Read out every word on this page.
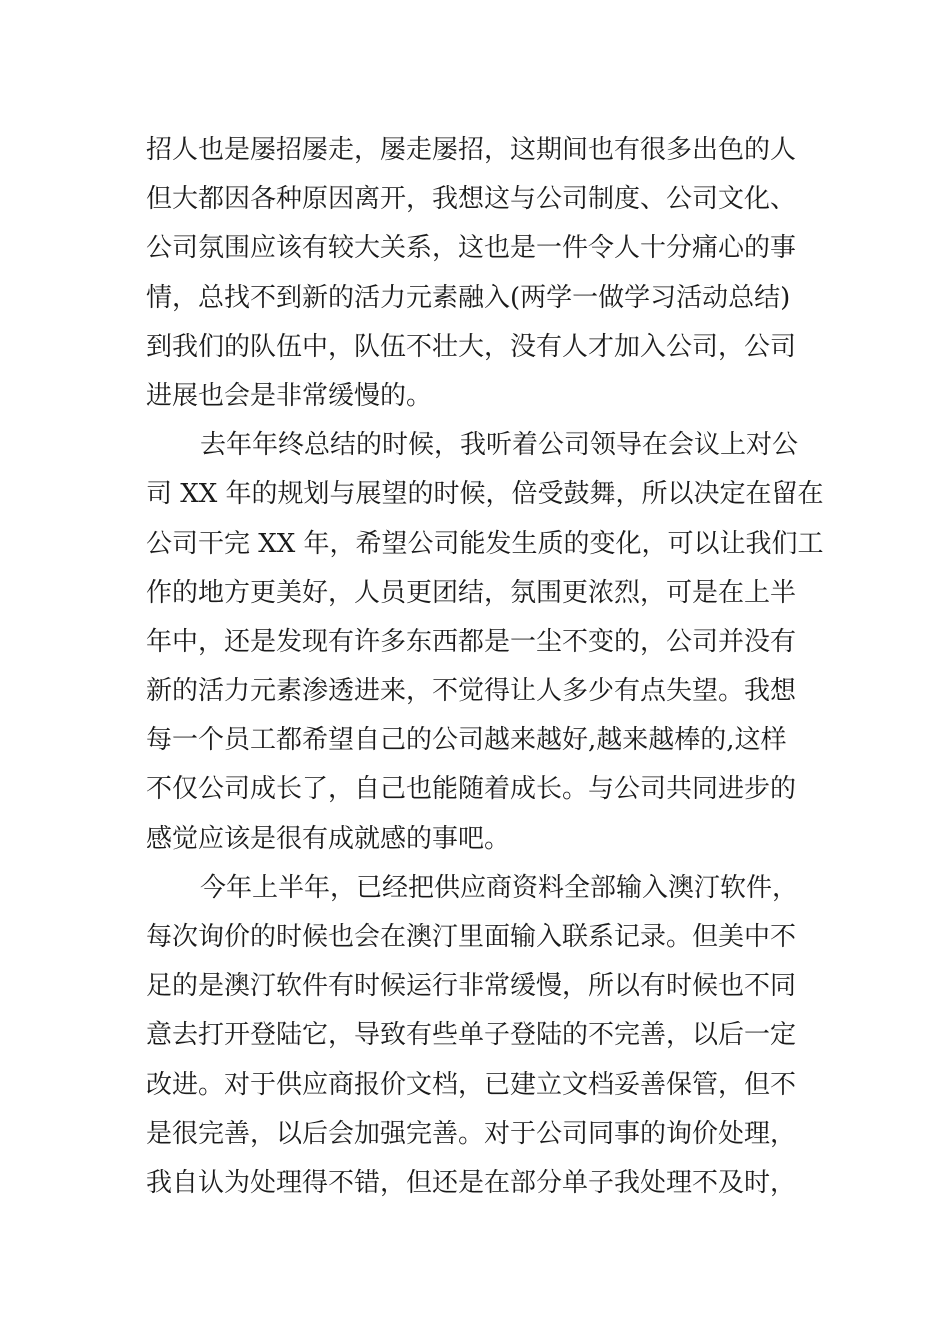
招人也是屡招屡走，屡走屡招，这期间也有很多出色的人
但大都因各种原因离开，我想这与公司制度、公司文化、
公司氛围应该有较大关系，这也是一件令人十分痛心的事
情，总找不到新的活力元素融入(两学一做学习活动总结)
到我们的队伍中，队伍不壮大，没有人才加入公司，公司
进展也会是非常缓慢的。
去年年终总结的时候，我听着公司领导在会议上对公
司 XX 年的规划与展望的时候，倍受鼓舞，所以决定在留在
公司干完 XX 年，希望公司能发生质的变化，可以让我们工
作的地方更美好，人员更团结，氛围更浓烈，可是在上半
年中，还是发现有许多东西都是一尘不变的，公司并没有
新的活力元素渗透进来，不觉得让人多少有点失望。我想
每一个员工都希望自己的公司越来越好,越来越棒的,这样
不仅公司成长了，自己也能随着成长。与公司共同进步的
感觉应该是很有成就感的事吧。
今年上半年，已经把供应商资料全部输入澳汀软件，
每次询价的时候也会在澳汀里面输入联系记录。但美中不
足的是澳汀软件有时候运行非常缓慢，所以有时候也不同
意去打开登陆它，导致有些单子登陆的不完善，以后一定
改进。对于供应商报价文档，已建立文档妥善保管，但不
是很完善，以后会加强完善。对于公司同事的询价处理，
我自认为处理得不错，但还是在部分单子我处理不及时，
